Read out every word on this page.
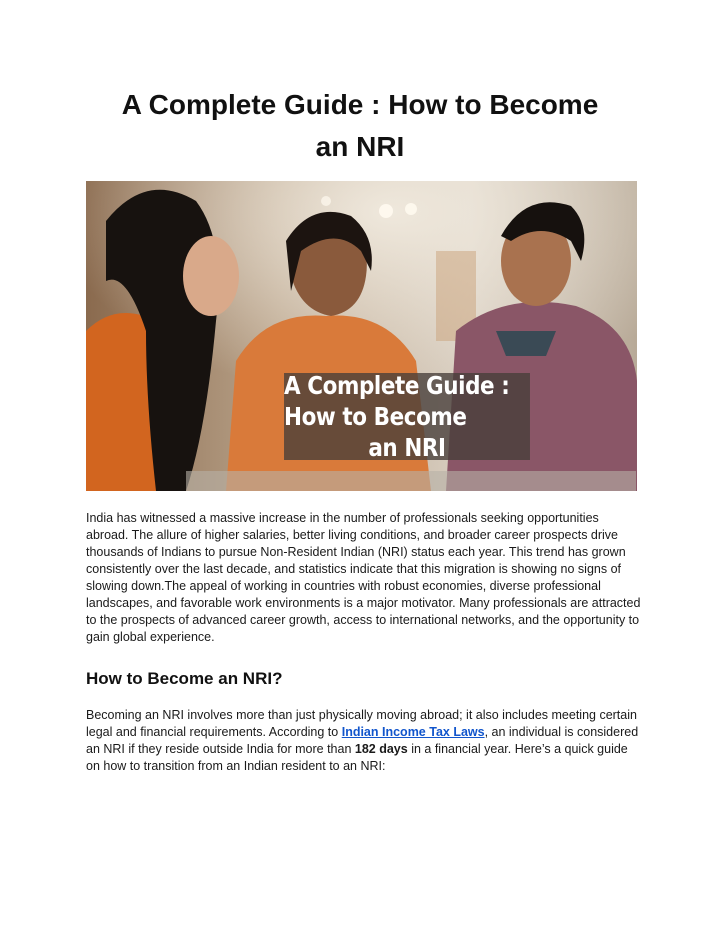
A Complete Guide : How to Become
an NRI
A Complete Guide : How to Become
an NRI

India has witnessed a massive increase in the number of professionals seeking opportunities abroad. The allure of higher salaries, better living conditions, and broader career prospects drive thousands of Indians to pursue Non-Resident Indian (NRI) status each year. This trend has grown consistently over the last decade, and statistics indicate that this migration is showing no signs of slowing down.The appeal of working in countries with robust economies, diverse professional landscapes, and favorable work environments is a major motivator. Many professionals are attracted to the prospects of advanced career growth, access to international networks, and the opportunity to gain global experience.

How to Become an NRI?

Becoming an NRI involves more than just physically moving abroad; it also includes meeting certain legal and financial requirements. According to Indian Income Tax Laws, an individual is considered an NRI if they reside outside India for more than 182 days in a financial year. Here’s a quick guide on how to transition from an Indian resident to an NRI:
